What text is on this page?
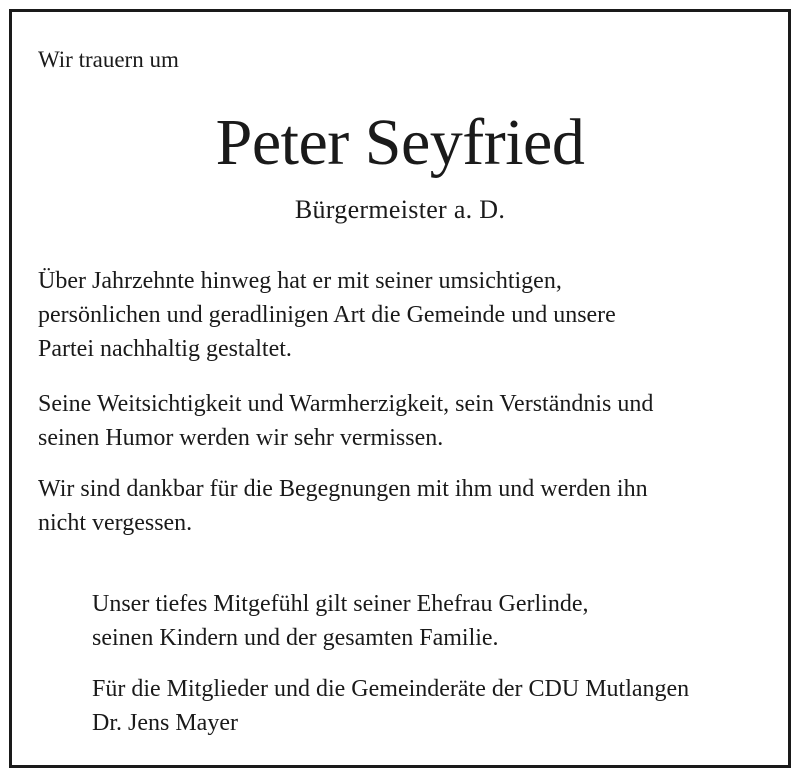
Wir trauern um
Peter Seyfried
Bürgermeister a. D.
Über Jahrzehnte hinweg hat er mit seiner umsichtigen,
persönlichen und geradlinigen Art die Gemeinde und unsere
Partei nachhaltig gestaltet.
Seine Weitsichtigkeit und Warmherzigkeit, sein Verständnis und
seinen Humor werden wir sehr vermissen.
Wir sind dankbar für die Begegnungen mit ihm und werden ihn
nicht vergessen.
Unser tiefes Mitgefühl gilt seiner Ehefrau Gerlinde,
seinen Kindern und der gesamten Familie.
Für die Mitglieder und die Gemeinderäte der CDU Mutlangen
Dr. Jens Mayer
